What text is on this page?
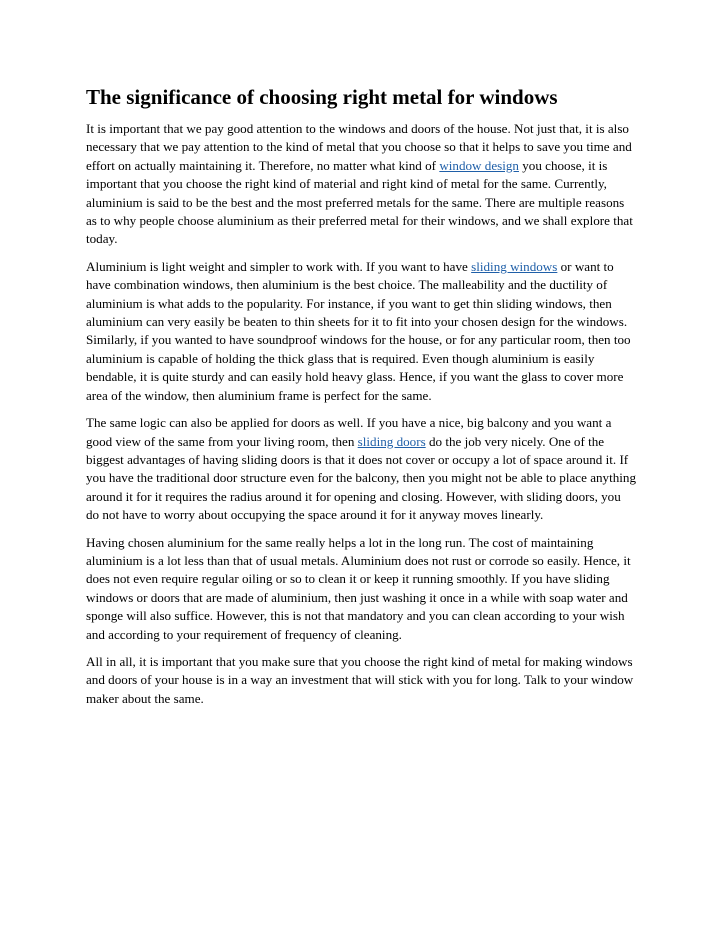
The significance of choosing right metal for windows

It is important that we pay good attention to the windows and doors of the house. Not just that, it is also necessary that we pay attention to the kind of metal that you choose so that it helps to save you time and effort on actually maintaining it. Therefore, no matter what kind of window design you choose, it is important that you choose the right kind of material and right kind of metal for the same. Currently, aluminium is said to be the best and the most preferred metals for the same. There are multiple reasons as to why people choose aluminium as their preferred metal for their windows, and we shall explore that today.

Aluminium is light weight and simpler to work with. If you want to have sliding windows or want to have combination windows, then aluminium is the best choice. The malleability and the ductility of aluminium is what adds to the popularity. For instance, if you want to get thin sliding windows, then aluminium can very easily be beaten to thin sheets for it to fit into your chosen design for the windows. Similarly, if you wanted to have soundproof windows for the house, or for any particular room, then too aluminium is capable of holding the thick glass that is required. Even though aluminium is easily bendable, it is quite sturdy and can easily hold heavy glass. Hence, if you want the glass to cover more area of the window, then aluminium frame is perfect for the same.

The same logic can also be applied for doors as well. If you have a nice, big balcony and you want a good view of the same from your living room, then sliding doors do the job very nicely. One of the biggest advantages of having sliding doors is that it does not cover or occupy a lot of space around it. If you have the traditional door structure even for the balcony, then you might not be able to place anything around it for it requires the radius around it for opening and closing. However, with sliding doors, you do not have to worry about occupying the space around it for it anyway moves linearly.

Having chosen aluminium for the same really helps a lot in the long run. The cost of maintaining aluminium is a lot less than that of usual metals. Aluminium does not rust or corrode so easily. Hence, it does not even require regular oiling or so to clean it or keep it running smoothly. If you have sliding windows or doors that are made of aluminium, then just washing it once in a while with soap water and sponge will also suffice. However, this is not that mandatory and you can clean according to your wish and according to your requirement of frequency of cleaning.

All in all, it is important that you make sure that you choose the right kind of metal for making windows and doors of your house is in a way an investment that will stick with you for long. Talk to your window maker about the same.
